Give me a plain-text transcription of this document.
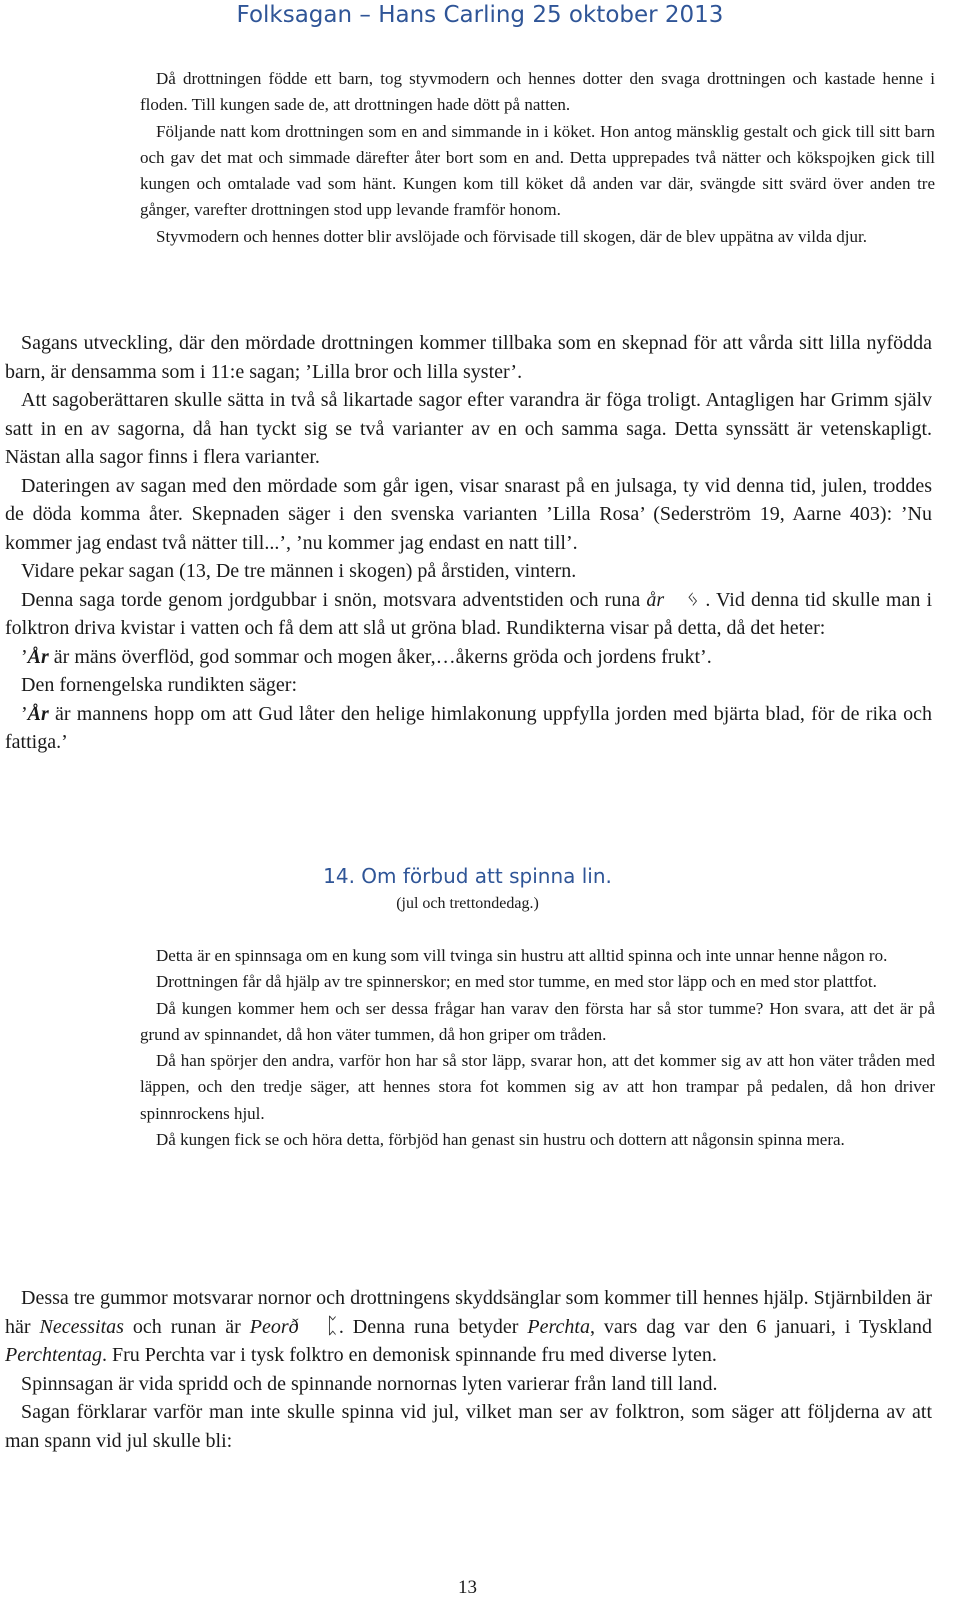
Folksagan – Hans Carling 25 oktober 2013

Då drottningen födde ett barn, tog styvmodern och hennes dotter den svaga drottningen och kastade henne i floden. Till kungen sade de, att drottningen hade dött på natten.

Följande natt kom drottningen som en and simmande in i köket. Hon antog mänsklig gestalt och gick till sitt barn och gav det mat och simmade därefter åter bort som en and. Detta upprepades två nätter och kökspojken gick till kungen och omtalade vad som hänt. Kungen kom till köket då anden var där, svängde sitt svärd över anden tre gånger, varefter drottningen stod upp levande framför honom.

Styvmodern och hennes dotter blir avslöjade och förvisade till skogen, där de blev uppätna av vilda djur.

Sagans utveckling, där den mördade drottningen kommer tillbaka som en skepnad för att vårda sitt lilla nyfödda barn, är densamma som i 11:e sagan; ’Lilla bror och lilla syster’.

Att sagoberättaren skulle sätta in två så likartade sagor efter varandra är föga troligt. Antagligen har Grimm själv satt in en av sagorna, då han tyckt sig se två varianter av en och samma saga. Detta synssätt är vetenskapligt. Nästan alla sagor finns i flera varianter.

Dateringen av sagan med den mördade som går igen, visar snarast på en julsaga, ty vid denna tid, julen, troddes de döda komma åter. Skepnaden säger i den svenska varianten ’Lilla Rosa’ (Sederström 19, Aarne 403): ’Nu kommer jag endast två nätter till...’, ’nu kommer jag endast en natt till’.

Vidare pekar sagan (13, De tre männen i skogen) på årstiden, vintern.

Denna saga torde genom jordgubbar i snön, motsvara adventstiden och runa år ᛃ . Vid denna tid skulle man i folktron driva kvistar i vatten och få dem att slå ut gröna blad. Rundikterna visar på detta, då det heter:

’År är mäns överflöd, god sommar och mogen åker,…åkerns gröda och jordens frukt’.

Den fornengelska rundikten säger:

’År är mannens hopp om att Gud låter den helige himlakonung uppfylla jorden med bjärta blad, för de rika och fattiga.’

14. Om förbud att spinna lin.
(jul och trettondedag.)

Detta är en spinnsaga om en kung som vill tvinga sin hustru att alltid spinna och inte unnar henne någon ro.

Drottningen får då hjälp av tre spinnerskor; en med stor tumme, en med stor läpp och en med stor plattfot.

Då kungen kommer hem och ser dessa frågar han varav den första har så stor tumme? Hon svara, att det är på grund av spinnandet, då hon väter tummen, då hon griper om tråden.

Då han spörjer den andra, varför hon har så stor läpp, svarar hon, att det kommer sig av att hon väter tråden med läppen, och den tredje säger, att hennes stora fot kommen sig av att hon trampar på pedalen, då hon driver spinnrockens hjul.

Då kungen fick se och höra detta, förbjöd han genast sin hustru och dottern att någonsin spinna mera.

Dessa tre gummor motsvarar nornor och drottningens skyddsänglar som kommer till hennes hjälp. Stjärnbilden är här Necessitas och runan är Peorð ᛈ. Denna runa betyder Perchta, vars dag var den 6 januari, i Tyskland Perchtentag. Fru Perchta var i tysk folktro en demonisk spinnande fru med diverse lyten.

Spinnsagan är vida spridd och de spinnande nornornas lyten varierar från land till land.

Sagan förklarar varför man inte skulle spinna vid jul, vilket man ser av folktron, som säger att följderna av att man spann vid jul skulle bli:

13
